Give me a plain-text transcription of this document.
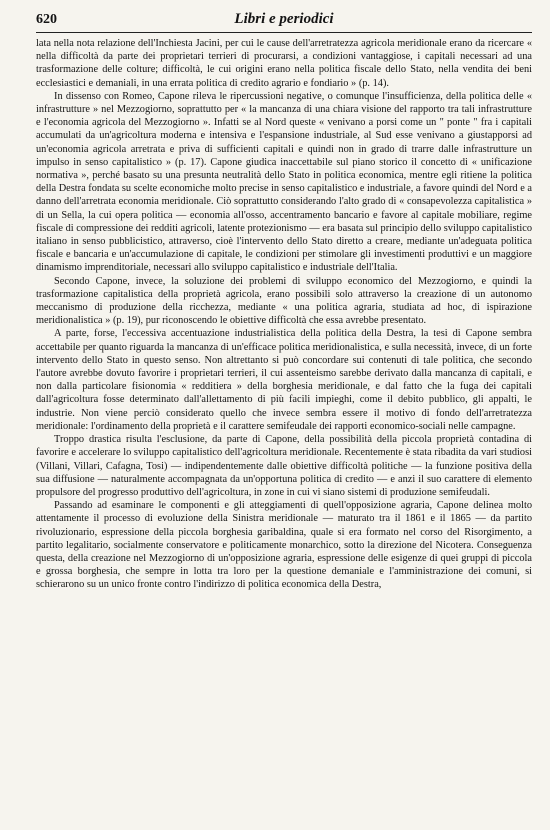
620	Libri e periodici

lata nella nota relazione dell'Inchiesta Jacini, per cui le cause dell'arretratezza agricola meridionale erano da ricercare « nella difficoltà da parte dei proprietari terrieri di procurarsi, a condizioni vantaggiose, i capitali necessari ad una trasformazione delle colture; difficoltà, le cui origini erano nella politica fiscale dello Stato, nella vendita dei beni ecclesiastici e demaniali, in una errata politica di credito agrario e fondiario » (p. 14).

In dissenso con Romeo, Capone rileva le ripercussioni negative, o comunque l'insufficienza, della politica delle « infrastrutture » nel Mezzogiorno, soprattutto per « la mancanza di una chiara visione del rapporto tra tali infrastrutture e l'economia agricola del Mezzogiorno ». Infatti se al Nord queste « venivano a porsi come un " ponte " fra i capitali accumulati da un'agricoltura moderna e intensiva e l'espansione industriale, al Sud esse venivano a giustapporsi ad un'economia agricola arretrata e priva di sufficienti capitali e quindi non in grado di trarre dalle infrastrutture un impulso in senso capitalistico » (p. 17). Capone giudica inaccettabile sul piano storico il concetto di « unificazione normativa », perché basato su una presunta neutralità dello Stato in politica economica, mentre egli ritiene la politica della Destra fondata su scelte economiche molto precise in senso capitalistico e industriale, a favore quindi del Nord e a danno dell'arretrata economia meridionale. Ciò soprattutto considerando l'alto grado di « consapevolezza capitalistica » di un Sella, la cui opera politica — economia all'osso, accentramento bancario e favore al capitale mobiliare, regime fiscale di compressione dei redditi agricoli, latente protezionismo — era basata sul principio dello sviluppo capitalistico italiano in senso pubblicistico, attraverso, cioè l'intervento dello Stato diretto a creare, mediante un'adeguata politica fiscale e bancaria e un'accumulazione di capitale, le condizioni per stimolare gli investimenti produttivi e un maggiore dinamismo imprenditoriale, necessari allo sviluppo capitalistico e industriale dell'Italia.

Secondo Capone, invece, la soluzione dei problemi di sviluppo economico del Mezzogiorno, e quindi la trasformazione capitalistica della proprietà agricola, erano possibili solo attraverso la creazione di un autonomo meccanismo di produzione della ricchezza, mediante « una politica agraria, studiata ad hoc, di ispirazione meridionalistica » (p. 19), pur riconoscendo le obiettive difficoltà che essa avrebbe presentato.

A parte, forse, l'eccessiva accentuazione industrialistica della politica della Destra, la tesi di Capone sembra accettabile per quanto riguarda la mancanza di un'efficace politica meridionalistica, e sulla necessità, invece, di un forte intervento dello Stato in questo senso. Non altrettanto si può concordare sui contenuti di tale politica, che secondo l'autore avrebbe dovuto favorire i proprietari terrieri, il cui assenteismo sarebbe derivato dalla mancanza di capitali, e non dalla particolare fisionomia « redditiera » della borghesia meridionale, e dal fatto che la fuga dei capitali dall'agricoltura fosse determinato dall'allettamento di più facili impieghi, come il debito pubblico, gli appalti, le industrie. Non viene perciò considerato quello che invece sembra essere il motivo di fondo dell'arretratezza meridionale: l'ordinamento della proprietà e il carattere semifeudale dei rapporti economico-sociali nelle campagne.

Troppo drastica risulta l'esclusione, da parte di Capone, della possibilità della piccola proprietà contadina di favorire e accelerare lo sviluppo capitalistico dell'agricoltura meridionale. Recentemente è stata ribadita da vari studiosi (Villani, Villari, Cafagna, Tosi) — indipendentemente dalle obiettive difficoltà politiche — la funzione positiva della sua diffusione — naturalmente accompagnata da un'opportuna politica di credito — e anzi il suo carattere di elemento propulsore del progresso produttivo dell'agricoltura, in zone in cui vi siano sistemi di produzione semifeudali.

Passando ad esaminare le componenti e gli atteggiamenti di quell'opposizione agraria, Capone delinea molto attentamente il processo di evoluzione della Sinistra meridionale — maturato tra il 1861 e il 1865 — da partito rivoluzionario, espressione della piccola borghesia garibaldina, quale si era formato nel corso del Risorgimento, a partito legalitario, socialmente conservatore e politicamente monarchico, sotto la direzione del Nicotera. Conseguenza questa, della creazione nel Mezzogiorno di un'opposizione agraria, espressione delle esigenze di quei gruppi di piccola e grossa borghesia, che sempre in lotta tra loro per la questione demaniale e l'amministrazione dei comuni, si schierarono su un unico fronte contro l'indirizzo di politica economica della Destra,
